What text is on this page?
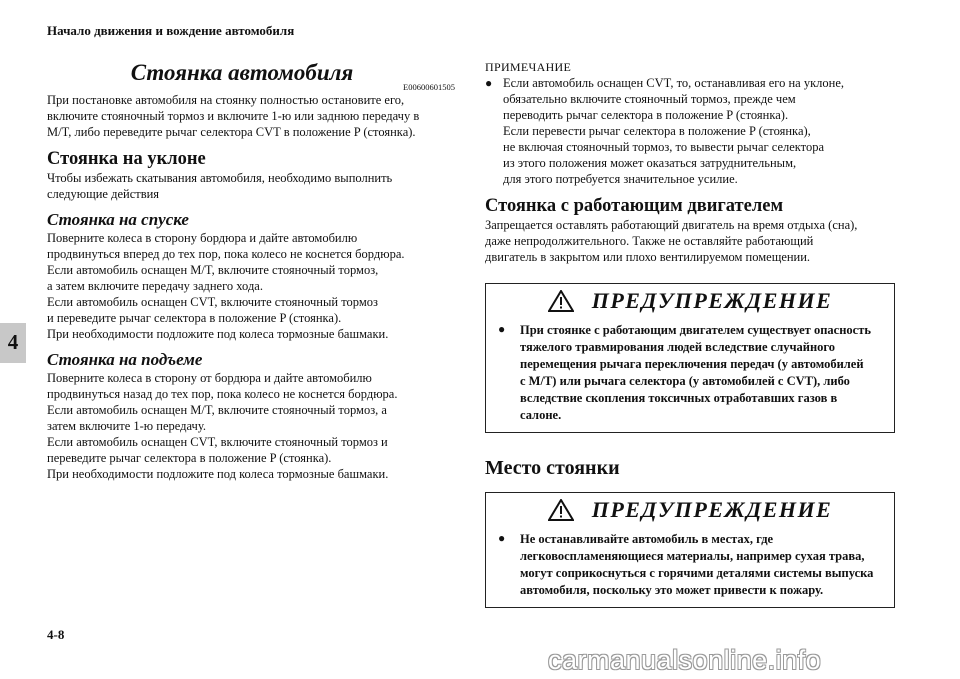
Начало движения и вождение автомобиля
4
4-8
carmanualsonline.info
Стоянка автомобиля
E00600601505
При постановке автомобиля на стоянку полностью остановите его,
включите стояночный тормоз и включите 1-ю или заднюю передачу в
M/T, либо переведите рычаг селектора CVT в положение P (стоянка).
Стоянка на уклоне
Чтобы избежать скатывания автомобиля, необходимо выполнить
следующие действия
Стоянка на спуске
Поверните колеса в сторону бордюра и дайте автомобилю
продвинуться вперед до тех пор, пока колесо не коснется бордюра.
Если автомобиль оснащен M/T, включите стояночный тормоз,
а затем включите передачу заднего хода.
Если автомобиль оснащен CVT, включите стояночный тормоз
и переведите рычаг селектора в положение P (стоянка).
При необходимости подложите под колеса тормозные башмаки.
Стоянка на подъеме
Поверните колеса в сторону от бордюра и дайте автомобилю
продвинуться назад до тех пор, пока колесо не коснется бордюра.
Если автомобиль оснащен M/T, включите стояночный тормоз, а
затем включите 1-ю передачу.
Если автомобиль оснащен CVT, включите стояночный тормоз и
переведите рычаг селектора в положение P (стоянка).
При необходимости подложите под колеса тормозные башмаки.
ПРИМЕЧАНИЕ
● Если автомобиль оснащен CVT, то, останавливая его на уклоне,
обязательно включите стояночный тормоз, прежде чем
переводить рычаг селектора в положение P (стоянка).
Если перевести рычаг селектора в положение P (стоянка),
не включая стояночный тормоз, то вывести рычаг селектора
из этого положения может оказаться затруднительным,
для этого потребуется значительное усилие.
Стоянка с работающим двигателем
Запрещается оставлять работающий двигатель на время отдыха (сна),
даже непродолжительного. Также не оставляйте работающий
двигатель в закрытом или плохо вентилируемом помещении.
ПРЕДУПРЕЖДЕНИЕ
●	При стоянке с работающим двигателем существует опасность
тяжелого травмирования людей вследствие случайного
перемещения рычага переключения передач (у автомобилей
с M/T) или рычага селектора (у автомобилей с CVT), либо
вследствие скопления токсичных отработавших газов в салоне.
Место стоянки
ПРЕДУПРЕЖДЕНИЕ
●	Не останавливайте автомобиль в местах, где
легковоспламеняющиеся материалы, например сухая трава,
могут соприкоснуться с горячими деталями системы выпуска
автомобиля, поскольку это может привести к пожару.
